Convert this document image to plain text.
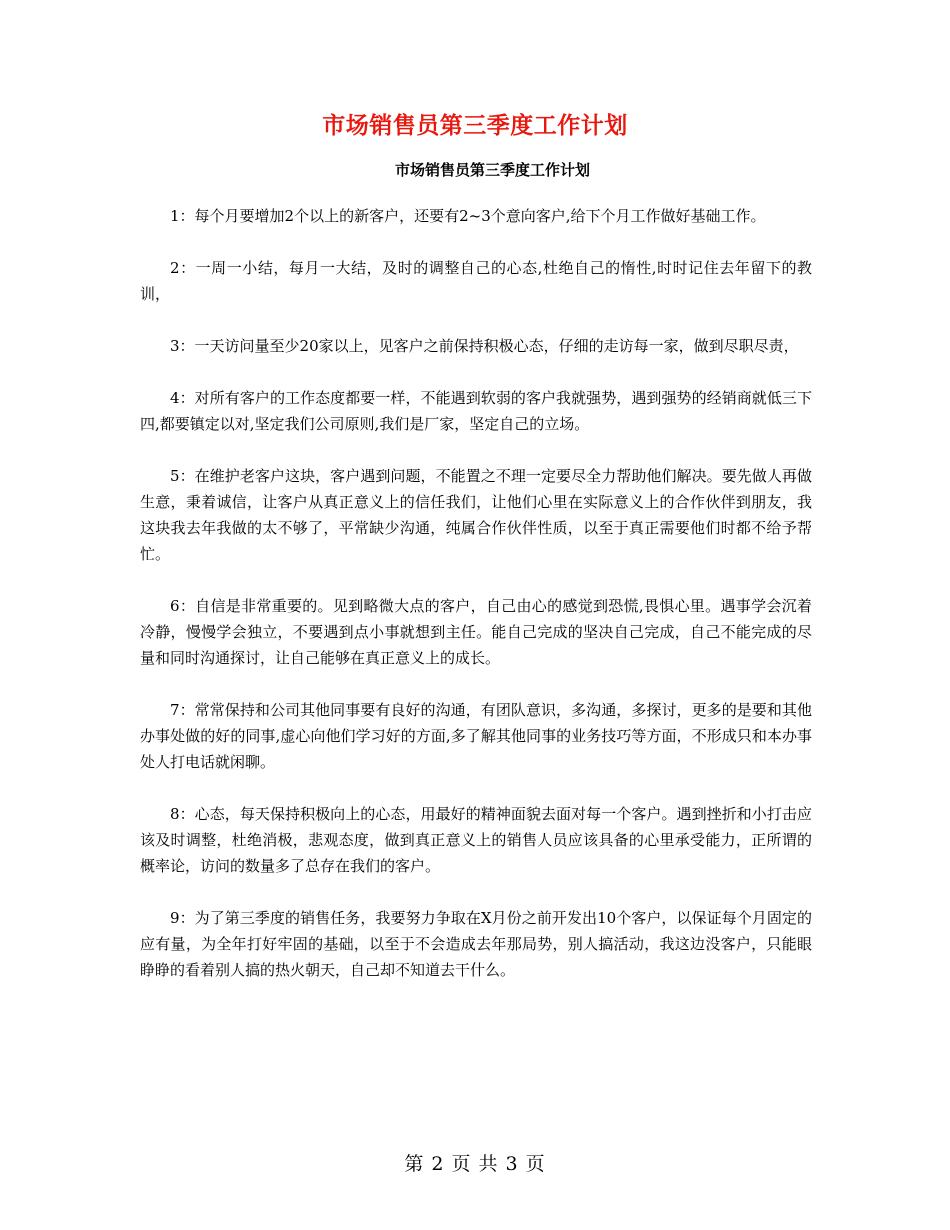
市场销售员第三季度工作计划
市场销售员第三季度工作计划

1：每个月要增加2个以上的新客户，还要有2~3个意向客户,给下个月工作做好基础工作。

2：一周一小结，每月一大结，及时的调整自己的心态,杜绝自己的惰性,时时记住去年留下的教训，

3：一天访问量至少20家以上，见客户之前保持积极心态，仔细的走访每一家，做到尽职尽责，

4：对所有客户的工作态度都要一样，不能遇到软弱的客户我就强势，遇到强势的经销商就低三下四,都要镇定以对,坚定我们公司原则,我们是厂家，坚定自己的立场。

5：在维护老客户这块，客户遇到问题，不能置之不理一定要尽全力帮助他们解决。要先做人再做生意，秉着诚信，让客户从真正意义上的信任我们，让他们心里在实际意义上的合作伙伴到朋友，我这块我去年我做的太不够了，平常缺少沟通，纯属合作伙伴性质，以至于真正需要他们时都不给予帮忙。

6：自信是非常重要的。见到略微大点的客户，自己由心的感觉到恐慌,畏惧心里。遇事学会沉着冷静，慢慢学会独立，不要遇到点小事就想到主任。能自己完成的坚决自己完成，自己不能完成的尽量和同时沟通探讨，让自己能够在真正意义上的成长。

7：常常保持和公司其他同事要有良好的沟通，有团队意识，多沟通，多探讨，更多的是要和其他办事处做的好的同事,虚心向他们学习好的方面,多了解其他同事的业务技巧等方面，不形成只和本办事处人打电话就闲聊。

8：心态，每天保持积极向上的心态，用最好的精神面貌去面对每一个客户。遇到挫折和小打击应该及时调整，杜绝消极，悲观态度，做到真正意义上的销售人员应该具备的心里承受能力，正所谓的概率论，访问的数量多了总存在我们的客户。

9：为了第三季度的销售任务，我要努力争取在X月份之前开发出10个客户，以保证每个月固定的应有量，为全年打好牢固的基础，以至于不会造成去年那局势，别人搞活动，我这边没客户，只能眼睁睁的看着别人搞的热火朝天，自己却不知道去干什么。

第 2 页 共 3 页
